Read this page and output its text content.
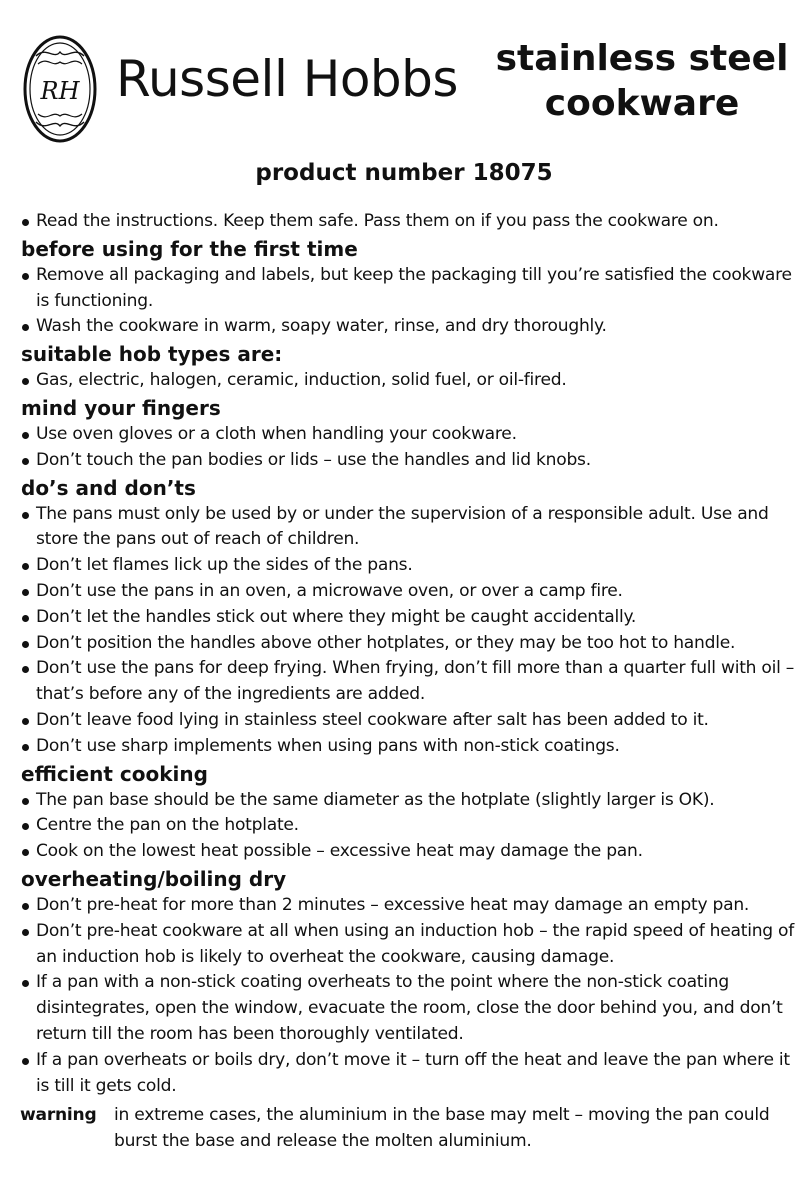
RH Russell Hobbs stainless steel
cookware
product number 18075
Read the instructions. Keep them safe. Pass them on if you pass the cookware on.
before using for the first time
Remove all packaging and labels, but keep the packaging till you’re satisfied the cookware is functioning.
Wash the cookware in warm, soapy water, rinse, and dry thoroughly.
suitable hob types are:
Gas, electric, halogen, ceramic, induction, solid fuel, or oil-fired.
mind your fingers
Use oven gloves or a cloth when handling your cookware.
Don’t touch the pan bodies or lids – use the handles and lid knobs.
do’s and don’ts
The pans must only be used by or under the supervision of a responsible adult. Use and store the pans out of reach of children.
Don’t let flames lick up the sides of the pans.
Don’t use the pans in an oven, a microwave oven, or over a camp fire.
Don’t let the handles stick out where they might be caught accidentally.
Don’t position the handles above other hotplates, or they may be too hot to handle.
Don’t use the pans for deep frying. When frying, don’t fill more than a quarter full with oil – that’s before any of the ingredients are added.
Don’t leave food lying in stainless steel cookware after salt has been added to it.
Don’t use sharp implements when using pans with non-stick coatings.
efficient cooking
The pan base should be the same diameter as the hotplate (slightly larger is OK).
Centre the pan on the hotplate.
Cook on the lowest heat possible – excessive heat may damage the pan.
overheating/boiling dry
Don’t pre-heat for more than 2 minutes – excessive heat may damage an empty pan.
Don’t pre-heat cookware at all when using an induction hob – the rapid speed of heating of an induction hob is likely to overheat the cookware, causing damage.
If a pan with a non-stick coating overheats to the point where the non-stick coating disintegrates, open the window, evacuate the room, close the door behind you, and don’t return till the room has been thoroughly ventilated.
If a pan overheats or boils dry, don’t move it – turn off the heat and leave the pan where it is till it gets cold.
warning	in extreme cases, the aluminium in the base may melt – moving the pan could burst the base and release the molten aluminium.
